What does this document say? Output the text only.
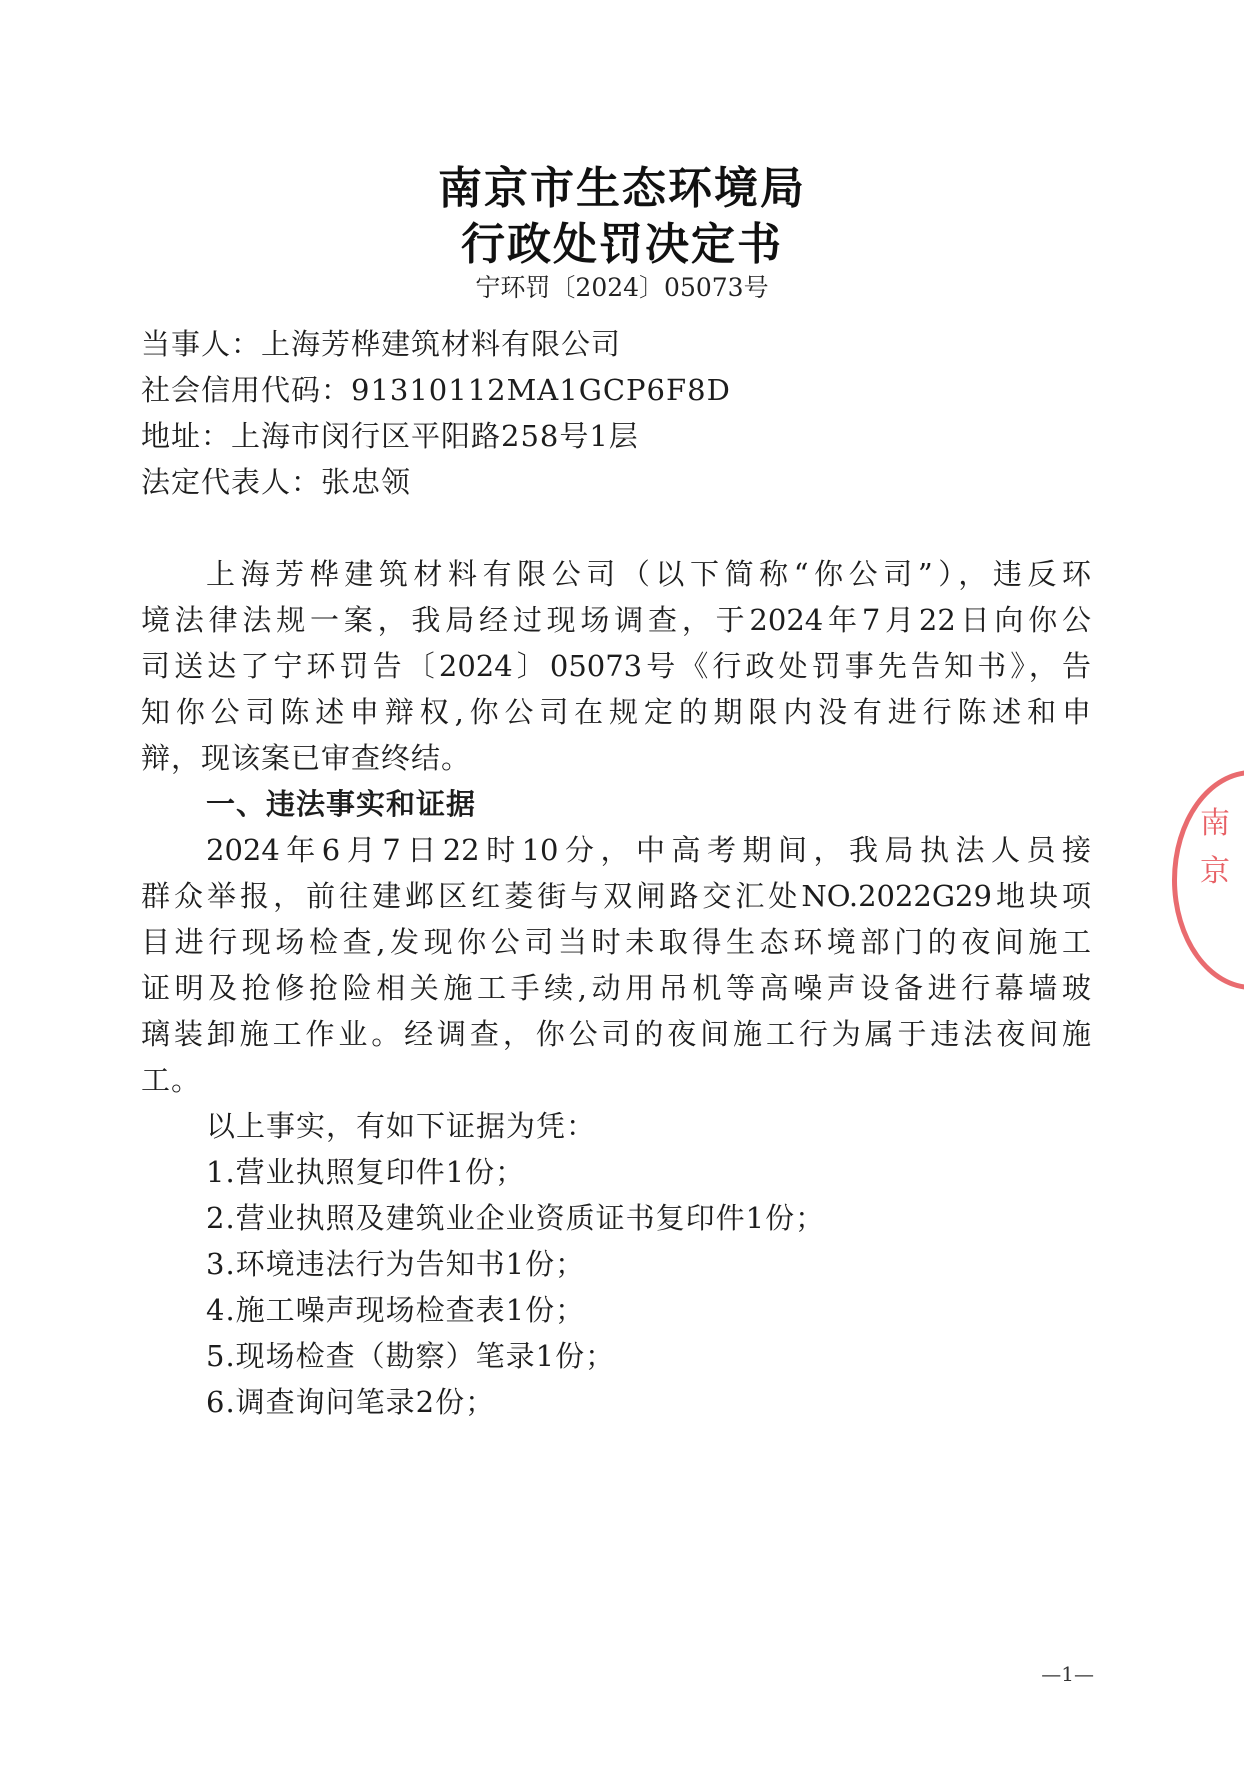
南京市生态环境局
行政处罚决定书
宁环罚〔2024〕05073号
当事人：上海芳桦建筑材料有限公司
社会信用代码：91310112MA1GCP6F8D
地址：上海市闵行区平阳路258号1层
法定代表人：张忠领
上海芳桦建筑材料有限公司（以下简称“你公司”），违反环
境法律法规一案，我局经过现场调查，于2024年7月22日向你公
司送达了宁环罚告〔2024〕05073号《行政处罚事先告知书》，告
知你公司陈述申辩权,你公司在规定的期限内没有进行陈述和申
辩，现该案已审查终结。
一、违法事实和证据
2024年6月7日22时10分，中高考期间，我局执法人员接
群众举报，前往建邺区红菱街与双闸路交汇处NO.2022G29地块项
目进行现场检查,发现你公司当时未取得生态环境部门的夜间施工
证明及抢修抢险相关施工手续,动用吊机等高噪声设备进行幕墙玻
璃装卸施工作业。经调查，你公司的夜间施工行为属于违法夜间施
工。
以上事实，有如下证据为凭：
1.营业执照复印件1份；
2.营业执照及建筑业企业资质证书复印件1份；
3.环境违法行为告知书1份；
4.施工噪声现场检查表1份；
5.现场检查（勘察）笔录1份；
6.调查询问笔录2份；
—1—
南
京
